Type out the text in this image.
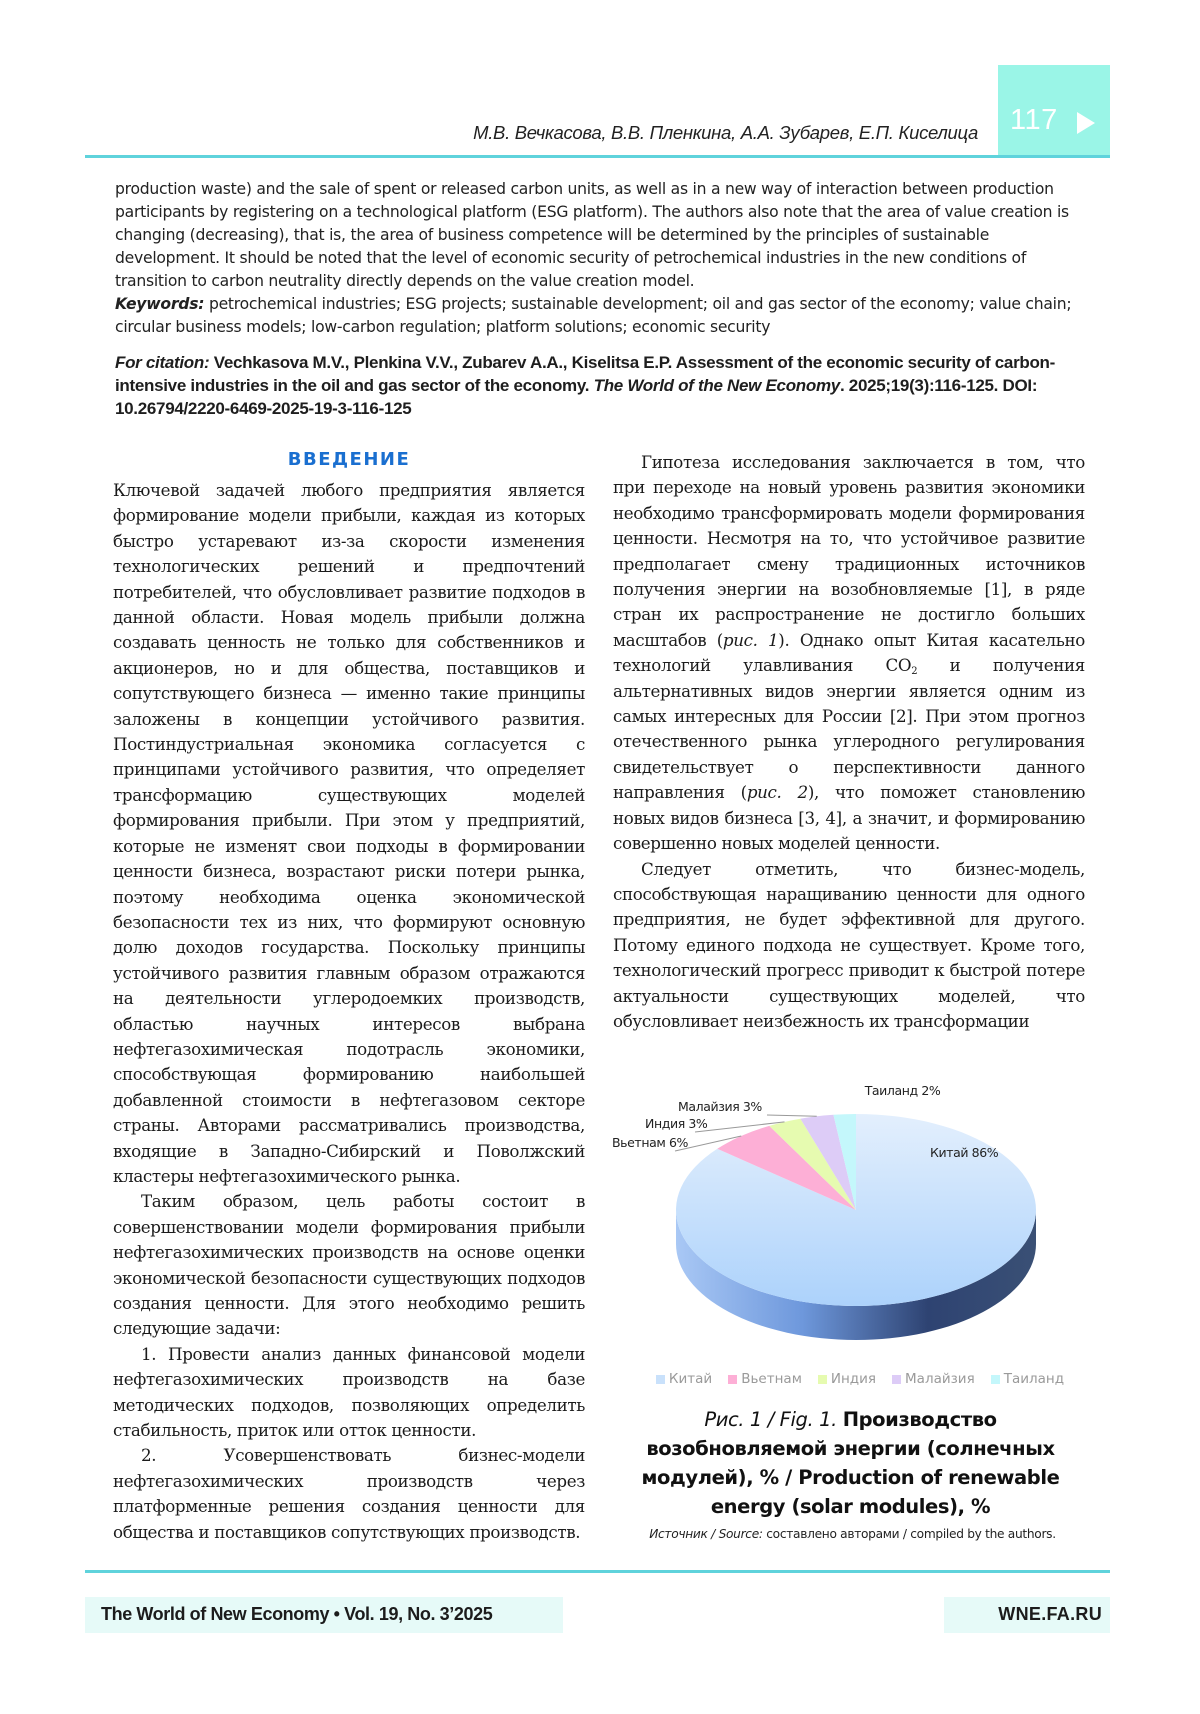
117
М.В. Вечкасова, В.В. Пленкина, А.А. Зубарев, Е.П. Киселица

production waste) and the sale of spent or released carbon units, as well as in a new way of interaction between production participants by registering on a technological platform (ESG platform). The authors also note that the area of value creation is changing (decreasing), that is, the area of business competence will be determined by the principles of sustainable development. It should be noted that the level of economic security of petrochemical industries in the new conditions of transition to carbon neutrality directly depends on the value creation model.

Keywords: petrochemical industries; ESG projects; sustainable development; oil and gas sector of the economy; value chain; circular business models; low-carbon regulation; platform solutions; economic security

For citation: Vechkasova M.V., Plenkina V.V., Zubarev A.A., Kiselitsa E.P. Assessment of the economic security of carbon-intensive industries in the oil and gas sector of the economy. The World of the New Economy. 2025;19(3):116-125. DOI: 10.26794/2220-6469-2025-19-3-116-125
ВВЕДЕНИЕ

Ключевой задачей любого предприятия является формирование модели прибыли, каждая из которых быстро устаревают из-за скорости изменения технологических решений и предпочтений потребителей, что обусловливает развитие подходов в данной области. Новая модель прибыли должна создавать ценность не только для собственников и акционеров, но и для общества, поставщиков и сопутствующего бизнеса — именно такие принципы заложены в концепции устойчивого развития. Постиндустриальная экономика согласуется с принципами устойчивого развития, что определяет трансформацию существующих моделей формирования прибыли. При этом у предприятий, которые не изменят свои подходы в формировании ценности бизнеса, возрастают риски потери рынка, поэтому необходима оценка экономической безопасности тех из них, что формируют основную долю доходов государства. Поскольку принципы устойчивого развития главным образом отражаются на деятельности углеродоемких производств, областью научных интересов выбрана нефтегазохимическая подотрасль экономики, способствующая формированию наибольшей добавленной стоимости в нефтегазовом секторе страны. Авторами рассматривались производства, входящие в Западно-Сибирский и Поволжский кластеры нефтегазохимического рынка.

Таким образом, цель работы состоит в совершенствовании модели формирования прибыли нефтегазохимических производств на основе оценки экономической безопасности существующих подходов создания ценности. Для этого необходимо решить следующие задачи:

1. Провести анализ данных финансовой модели нефтегазохимических производств на базе методических подходов, позволяющих определить стабильность, приток или отток ценности.

2. Усовершенствовать бизнес-модели нефтегазохимических производств через платформенные решения создания ценности для общества и поставщиков сопутствующих производств.

Гипотеза исследования заключается в том, что при переходе на новый уровень развития экономики необходимо трансформировать модели формирования ценности. Несмотря на то, что устойчивое развитие предполагает смену традиционных источников получения энергии на возобновляемые [1], в ряде стран их распространение не достигло больших масштабов (рис. 1). Однако опыт Китая касательно технологий улавливания $CO_2$ и получения альтернативных видов энергии является одним из самых интересных для России [2]. При этом прогноз отечественного рынка углеродного регулирования свидетельствует о перспективности данного направления (рис. 2), что поможет становлению новых видов бизнеса [3, 4], а значит, и формированию совершенно новых моделей ценности.

Следует отметить, что бизнес-модель, способствующая наращиванию ценности для одного предприятия, не будет эффективной для другого. Потому единого подхода не существует. Кроме того, технологический прогресс приводит к быстрой потере актуальности существующих моделей, что обусловливает неизбежность их трансформации

Китай 86%
Вьетнам 6%
Индия 3%
Малайзия 3%
Таиланд 2%
Китай Вьетнам Индия Малайзия Таиланд
Рис. 1 / Fig. 1. Производство возобновляемой энергии (солнечных модулей), % / Production of renewable energy (solar modules), %
Источник / Source: составлено авторами / compiled by the authors.
The World of New Economy • Vol. 19, No. 3’2025	WNE.FA.RU
